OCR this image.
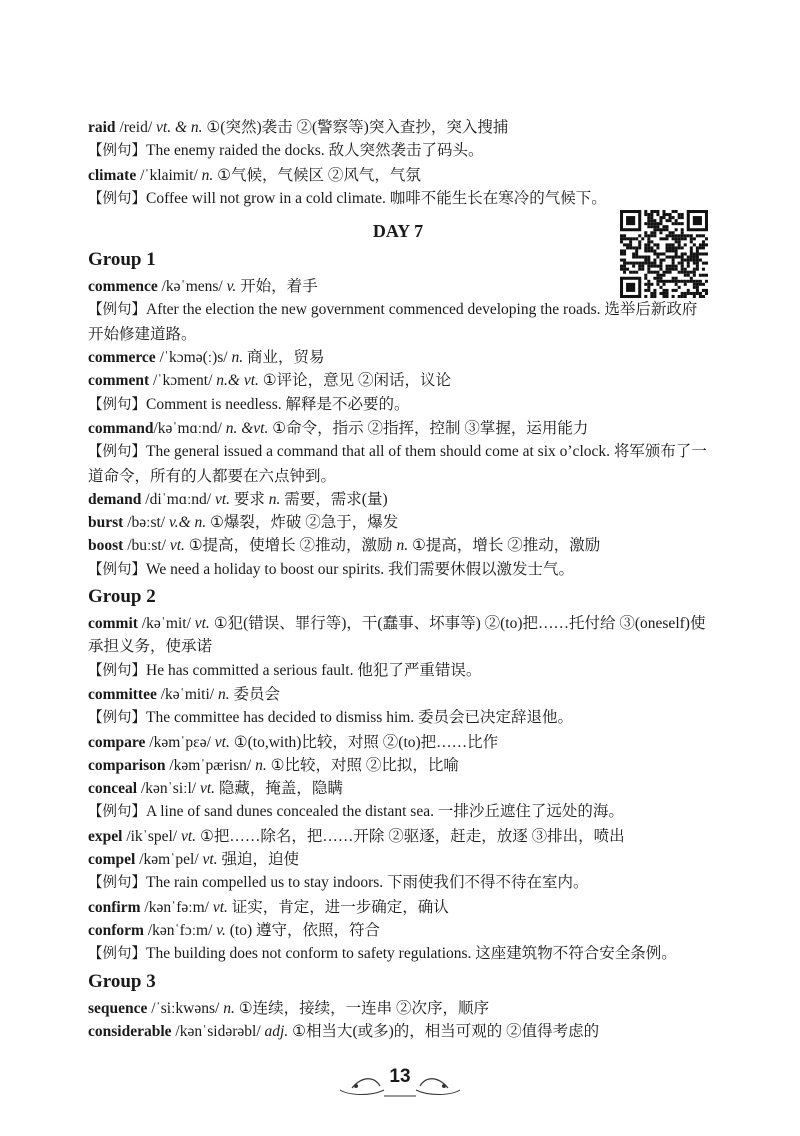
raid /reid/ vt. & n. ①(突然)袭击 ②(警察等)突入查抄，突入搜捕
【例句】The enemy raided the docks. 敌人突然袭击了码头。
climate /ˈklaimit/ n. ①气候，气候区 ②风气，气氛
【例句】Coffee will not grow in a cold climate. 咖啡不能生长在寒冷的气候下。
DAY 7
Group 1
commence /kəˈmens/ v. 开始，着手
【例句】After the election the new government commenced developing the roads. 选举后新政府开始修建道路。
commerce /ˈkɔmə(ː)s/ n. 商业，贸易
comment /ˈkɔment/ n.& vt. ①评论，意见 ②闲话，议论
【例句】Comment is needless. 解释是不必要的。
command/kəˈmɑːnd/ n. &vt. ①命令，指示 ②指挥，控制 ③掌握，运用能力
【例句】The general issued a command that all of them should come at six o’clock. 将军颁布了一道命令，所有的人都要在六点钟到。
demand /diˈmɑːnd/ vt. 要求 n. 需要，需求(量)
burst /bəːst/ v.& n. ①爆裂，炸破 ②急于，爆发
boost /buːst/ vt. ①提高，使增长 ②推动，激励 n. ①提高，增长 ②推动，激励
【例句】We need a holiday to boost our spirits. 我们需要休假以激发士气。
Group 2
commit /kəˈmit/ vt. ①犯(错误、罪行等)，干(蠢事、坏事等) ②(to)把……托付给 ③(oneself)使承担义务，使承诺
【例句】He has committed a serious fault. 他犯了严重错误。
committee /kəˈmiti/ n. 委员会
【例句】The committee has decided to dismiss him. 委员会已决定辞退他。
compare /kəmˈpɛə/ vt. ①(to,with)比较，对照 ②(to)把……比作
comparison /kəmˈpærisn/ n. ①比较，对照 ②比拟，比喻
conceal /kənˈsiːl/ vt. 隐藏，掩盖，隐瞒
【例句】A line of sand dunes concealed the distant sea. 一排沙丘遮住了远处的海。
expel /ikˈspel/ vt. ①把……除名，把……开除 ②驱逐，赶走，放逐 ③排出，喷出
compel /kəmˈpel/ vt. 强迫，迫使
【例句】The rain compelled us to stay indoors. 下雨使我们不得不待在室内。
confirm /kənˈfəːm/ vt. 证实，肯定，进一步确定，确认
conform /kənˈfɔːm/ v. (to) 遵守，依照，符合
【例句】The building does not conform to safety regulations. 这座建筑物不符合安全条例。
Group 3
sequence /ˈsiːkwəns/ n. ①连续，接续，一连串 ②次序，顺序
considerable /kənˈsidərəbl/ adj. ①相当大(或多)的，相当可观的 ②值得考虑的
13
